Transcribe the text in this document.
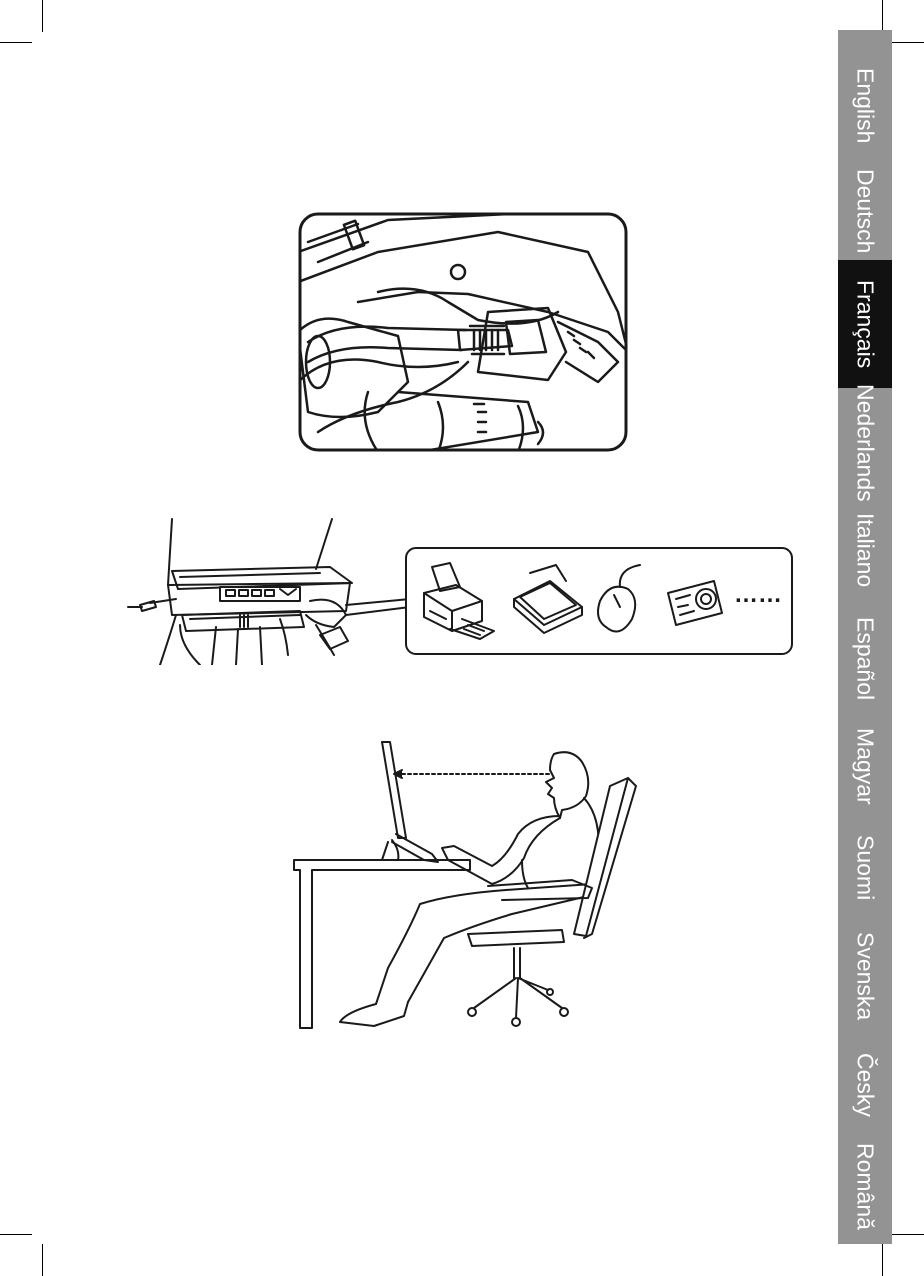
……
English
Deutsch
Français
Nederlands
Italiano
Español
Magyar
Suomi
Svenska
Česky
Română
